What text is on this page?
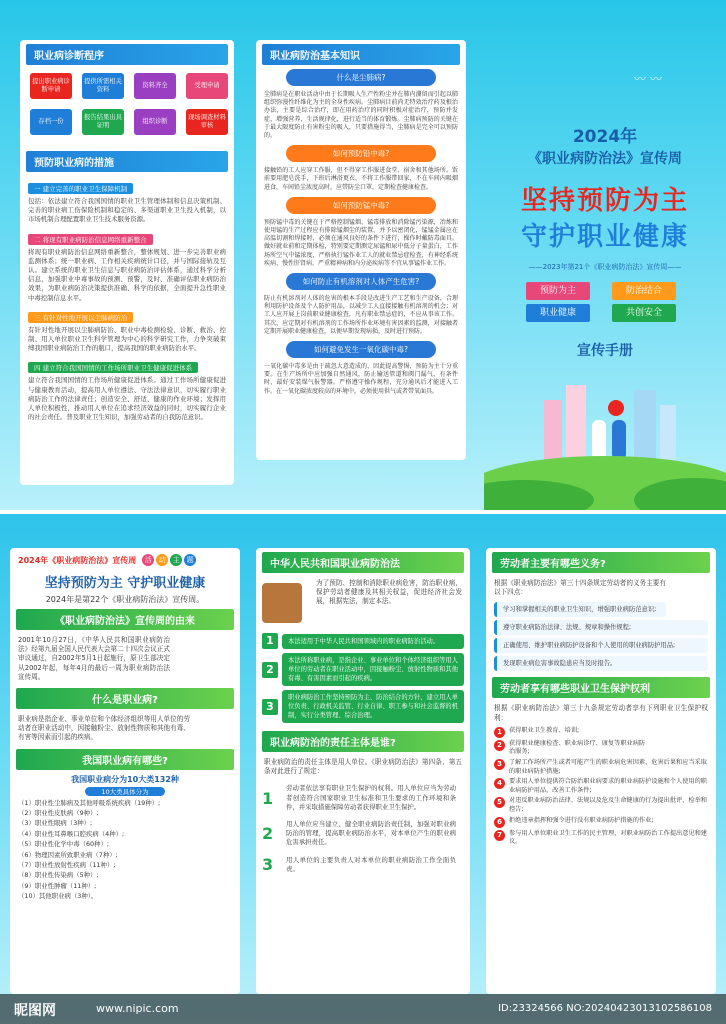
职业病诊断程序
提出职业病诊断申请
提供所需相关资料
资料齐全	受理申请
存档一份
报告结果出具证明
组织诊断
现场调查材料审核
预防职业病的措施
一 建立完善的职业卫生保障机制
包括：依法建立符合我国国情的职业卫生管理体制和信息决策机制、完善的职业病工伤保险机制和稳定的、多渠道职业卫生投入机制，以市场机制合理配置职业卫生技术服务资源。
二 将现有职业病防治信息网络重新整合
将现有职业病防治信息网络重新整合，整体规划、进一步完善职业病监测体系；统一职业病、工作相关疾病统计口径，并与国际接轨及互认。建立系统的职业卫生信息与职业病防治评估体系，通过科学分析信息，加强职业中毒事故的预测、预警，及时、准确评估职业病防治效果，为职业病防治决策提供准确、科学的依据，全面提升急性职业中毒控制信息水平。
三 有针对性地开展以尘肺病防治
有针对性地开展以尘肺病防治、职业中毒检测检验、诊断、救治、控制、用人单位职业卫生科学管理为中心的科学研究工作，力争突破束缚我国职业病防治工作的瓶口，提高我国的职业病防治水平。
四 建立符合我国国情的工作场所职业卫生健康促进体系
建立符合我国国情的工作场所健康促进体系。通过工作场所健康促进与健康教育活动，提高用人单位遵法、守法法律意识，切实履行职业病防治工作的法律责任；创造安全、舒适、健康的作业环境；发挥用人单位积极性，推动用人单位在追求经济效益的同时，切实履行企业的社会责任。普及职业卫生知识，加强劳动者的自我防范意识。
职业病防治基本知识
什么是尘肺病?
尘肺病是在职业活动中由于长期吸入生产性粉尘并在肺内潴留而引起以肺组织弥漫性纤维化为主的全身性疾病。尘肺病目前尚无特效治疗药及根治办法，主要是综合治疗，即在用药治疗的同时积极对症治疗，预防并发症，增强营养，生活规律化，进行适当的体育锻炼。尘肺病预防的关键在于最大限度防止有害粉尘的吸入，只要措施得当，尘肺病是完全可以预防的。
如何预防铅中毒?
接触铅的工人应穿工作服，但不得穿工作服进食堂、宿舍和其他场所。饭前要用肥皂洗手，下班后淋浴更衣，不将工作服带回家，不在车间内吸烟进食，车间铅尘浓度高时，应带防尘口罩，定期检查健康检查。
如何预防锰中毒?
预防锰中毒的关键在于严格控制锰烟、锰毒排放和消除锰污染源，冶炼和使用锰的生产过程应有排除锰烟尘的装置，并予以密闭化，锰锰金属应在高温切割和焊接时，必须在通风良好的条件下进行，操作时戴防毒面具。做好就业前和定期体检，特别要定期测定尿锰和尿中低分子量蛋白，工作场所空气中锰浓度，严格执行锰作业工人的就业禁忌症检查，有神经系统疾病、慢性肝肾病、严重精神病和内分泌疾病等不宜从事锰作业工作。
如何防止有机溶剂对人体产生危害?
防止有机溶剂对人体的危害的根本手段是改进生产工艺和生产设备，合理利用防护设备及个人防护用品，以减少工人直接接触有机溶剂的机会；对工人应开展上岗前职业健康检查，凡有职业禁忌症的，不应从事该工作。其次，应定期对有机溶剂的工作场所作业环境有害因素的监测，对接触者定期开展职业健康检查，以便早期发现病损，及时进行预防。
如何避免发生一氧化碳中毒?
一氧化碳中毒多是由于疏忽大意造成的，因此提高警惕，预防为主十分重要。在生产场所中应加强自然通风，防止输送管道和阀门漏气，有条件时，最好安装煤气报警器。严格遵守操作规程，充分通风后才能进入工作。在一氧化碳浓度较高的环境中，必须使用供气或者带氧面具。
〰 〰
2024年
《职业病防治法》宣传周
坚持预防为主
守护职业健康
——2023年第21个《职业病防治法》宣传周——
预防为主	防治结合
职业健康	共创安全
宣传手册
2024年《职业病防治法》宣传周	活	动	主	题
坚持预防为主 守护职业健康
2024年是第22个《职业病防治法》宣传周。
《职业病防治法》宣传周的由来
2001年10月27日，《中华人民共和国职业病防治法》经第九届全国人民代表大会第二十四次会议正式审议通过，自2002年5月1日起施行，原卫生部决定从2002年起，每年4月的最后一周为职业病防治法宣传周。
什么是职业病?
职业病是指企业、事业单位和个体经济组织等用人单位的劳动者在职业活动中，因接触粉尘、放射性物质和其他有毒、有害等因素而引起的疾病。
我国职业病有哪些?
我国职业病分为10大类132种
10大类具体分为
（1）职业性尘肺病及其他呼吸系统疾病（19种）;
（2）职业性皮肤病（9种）;
（3）职业性眼病（3种）;
（4）职业性耳鼻喉口腔疾病（4种）;
（5）职业性化学中毒（60种）;
（6）物理因素所致职业病（7种）;
（7）职业性放射性疾病（11种）;
（8）职业性传染病（5种）;
（9）职业性肿瘤（11种）;
（10）其他职业病（3种）。
中华人民共和国职业病防治法
为了预防、控制和消除职业病危害，防治职业病，保护劳动者健康及其相关权益，促进经济社会发展，根据宪法，制定本法。
1	本法适用于中华人民共和国领域内的职业病防治活动。
2
本法所称职业病，是指企业、事业单位和个体经济组织等用人单位的劳动者在职业活动中，因接触粉尘、放射性物质和其他有毒、有害因素而引起的疾病。
3
职业病防治工作坚持预防为主、防治结合的方针，建立用人单位负责、行政机关监管、行业自律、职工参与和社会监督的机制，实行分类管理、综合治理。
职业病防治的责任主体是谁?
职业病防治的责任主体是用人单位。《职业病防治法》第四条、第五条对此进行了规定：
1
劳动者依法享有职业卫生保护的权利。用人单位应当为劳动者创造符合国家职业卫生标准和卫生要求的工作环境和条件，并采取措施保障劳动者获得职业卫生保护。
2
用人单位应当建立、健全职业病防治责任制，加强对职业病防治的管理，提高职业病防治水平，对本单位产生的职业病危害承担责任。
3	用人单位的主要负责人对本单位的职业病防治工作全面负责。
劳动者主要有哪些义务?
根据《职业病防治法》第三十四条规定劳动者的义务主要有以下四点：
学习和掌握相关的职业卫生知识，增强职业病防范意识;
遵守职业病防治法律、法规、规章和操作规程;
正确使用、维护职业病防护设备和个人使用的职业病防护用品;
发现职业病危害事故隐患应当及时报告。
劳动者享有哪些职业卫生保护权利
根据《职业病防治法》第三十九条规定劳动者享有下列职业卫生保护权利：
1	获得职业卫生教育、培训;
2	获得职业健康检查、职业病诊疗、康复等职业病防治服务;
3	了解工作场所产生或者可能产生的职业病危害因素、危害后果和应当采取的职业病防护措施;
4	要求用人单位提供符合防治职业病要求的职业病防护设施和个人使用的职业病防护用品，改善工作条件;
5	对违反职业病防治法律、法规以及危及生命健康的行为提出批评、检举和控告;
6	拒绝违章指挥和强令进行没有职业病防护措施的作业;
7	参与用人单位职业卫生工作的民主管理，对职业病防治工作提出意见和建议。
昵图网	www.nipic.com	ID:23324566 NO:20240423013102586108
